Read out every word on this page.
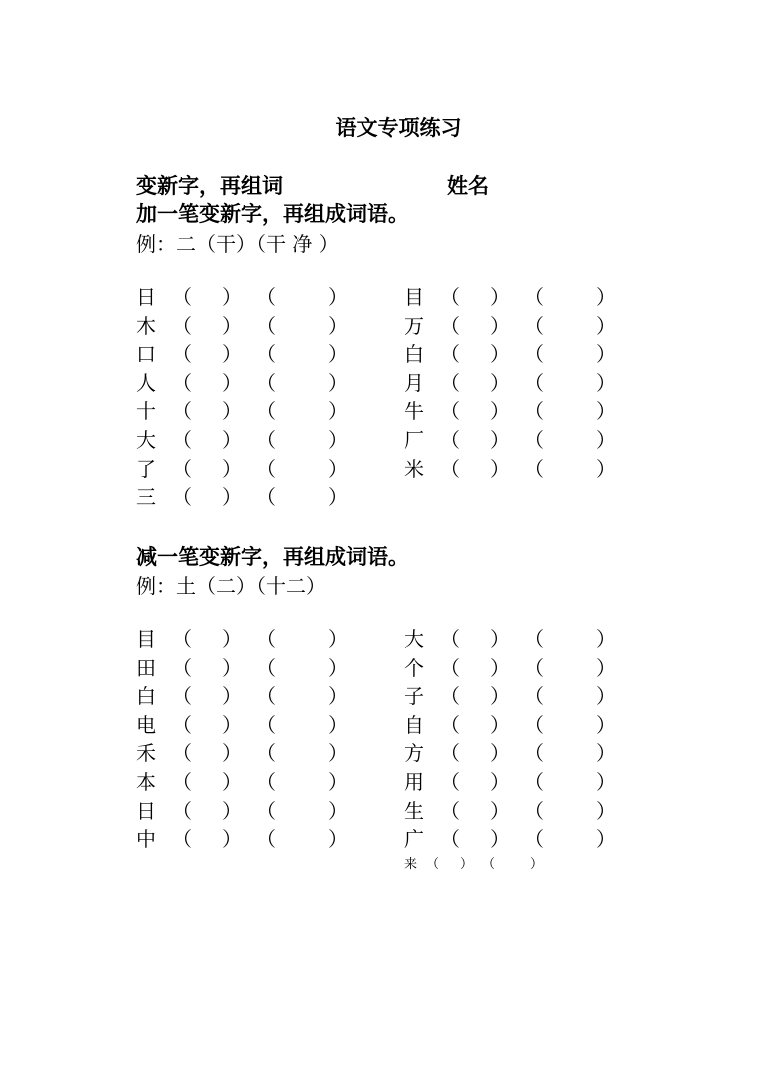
语文专项练习
变新字，再组词	姓名
加一笔变新字，再组成词语。
例：二（干）（干 净 ）
日 （ ） （	）
木 （ ） （	）
口 （ ） （	）
人 （ ） （	）
十 （ ） （	）
大 （ ） （	）
了 （ ） （	）
三 （ ） （	）
目 （ ） （	）
万 （ ） （	）
白 （ ） （	）
月 （ ） （	）
牛 （ ） （	）
厂 （ ） （	）
米 （ ） （	）
减一笔变新字，再组成词语。
例：土（二）（十二）
目 （ ） （	）
田 （ ） （	）
白 （ ） （	）
电 （ ） （	）
禾 （ ） （	）
本 （ ） （	）
日 （ ） （	）
中 （ ） （	）
大 （ ） （	）
个 （ ） （	）
子 （ ） （	）
自 （ ） （	）
方 （ ） （	）
用 （ ） （	）
生 （ ） （	）
广 （ ） （	）
来 （ ） （	）
